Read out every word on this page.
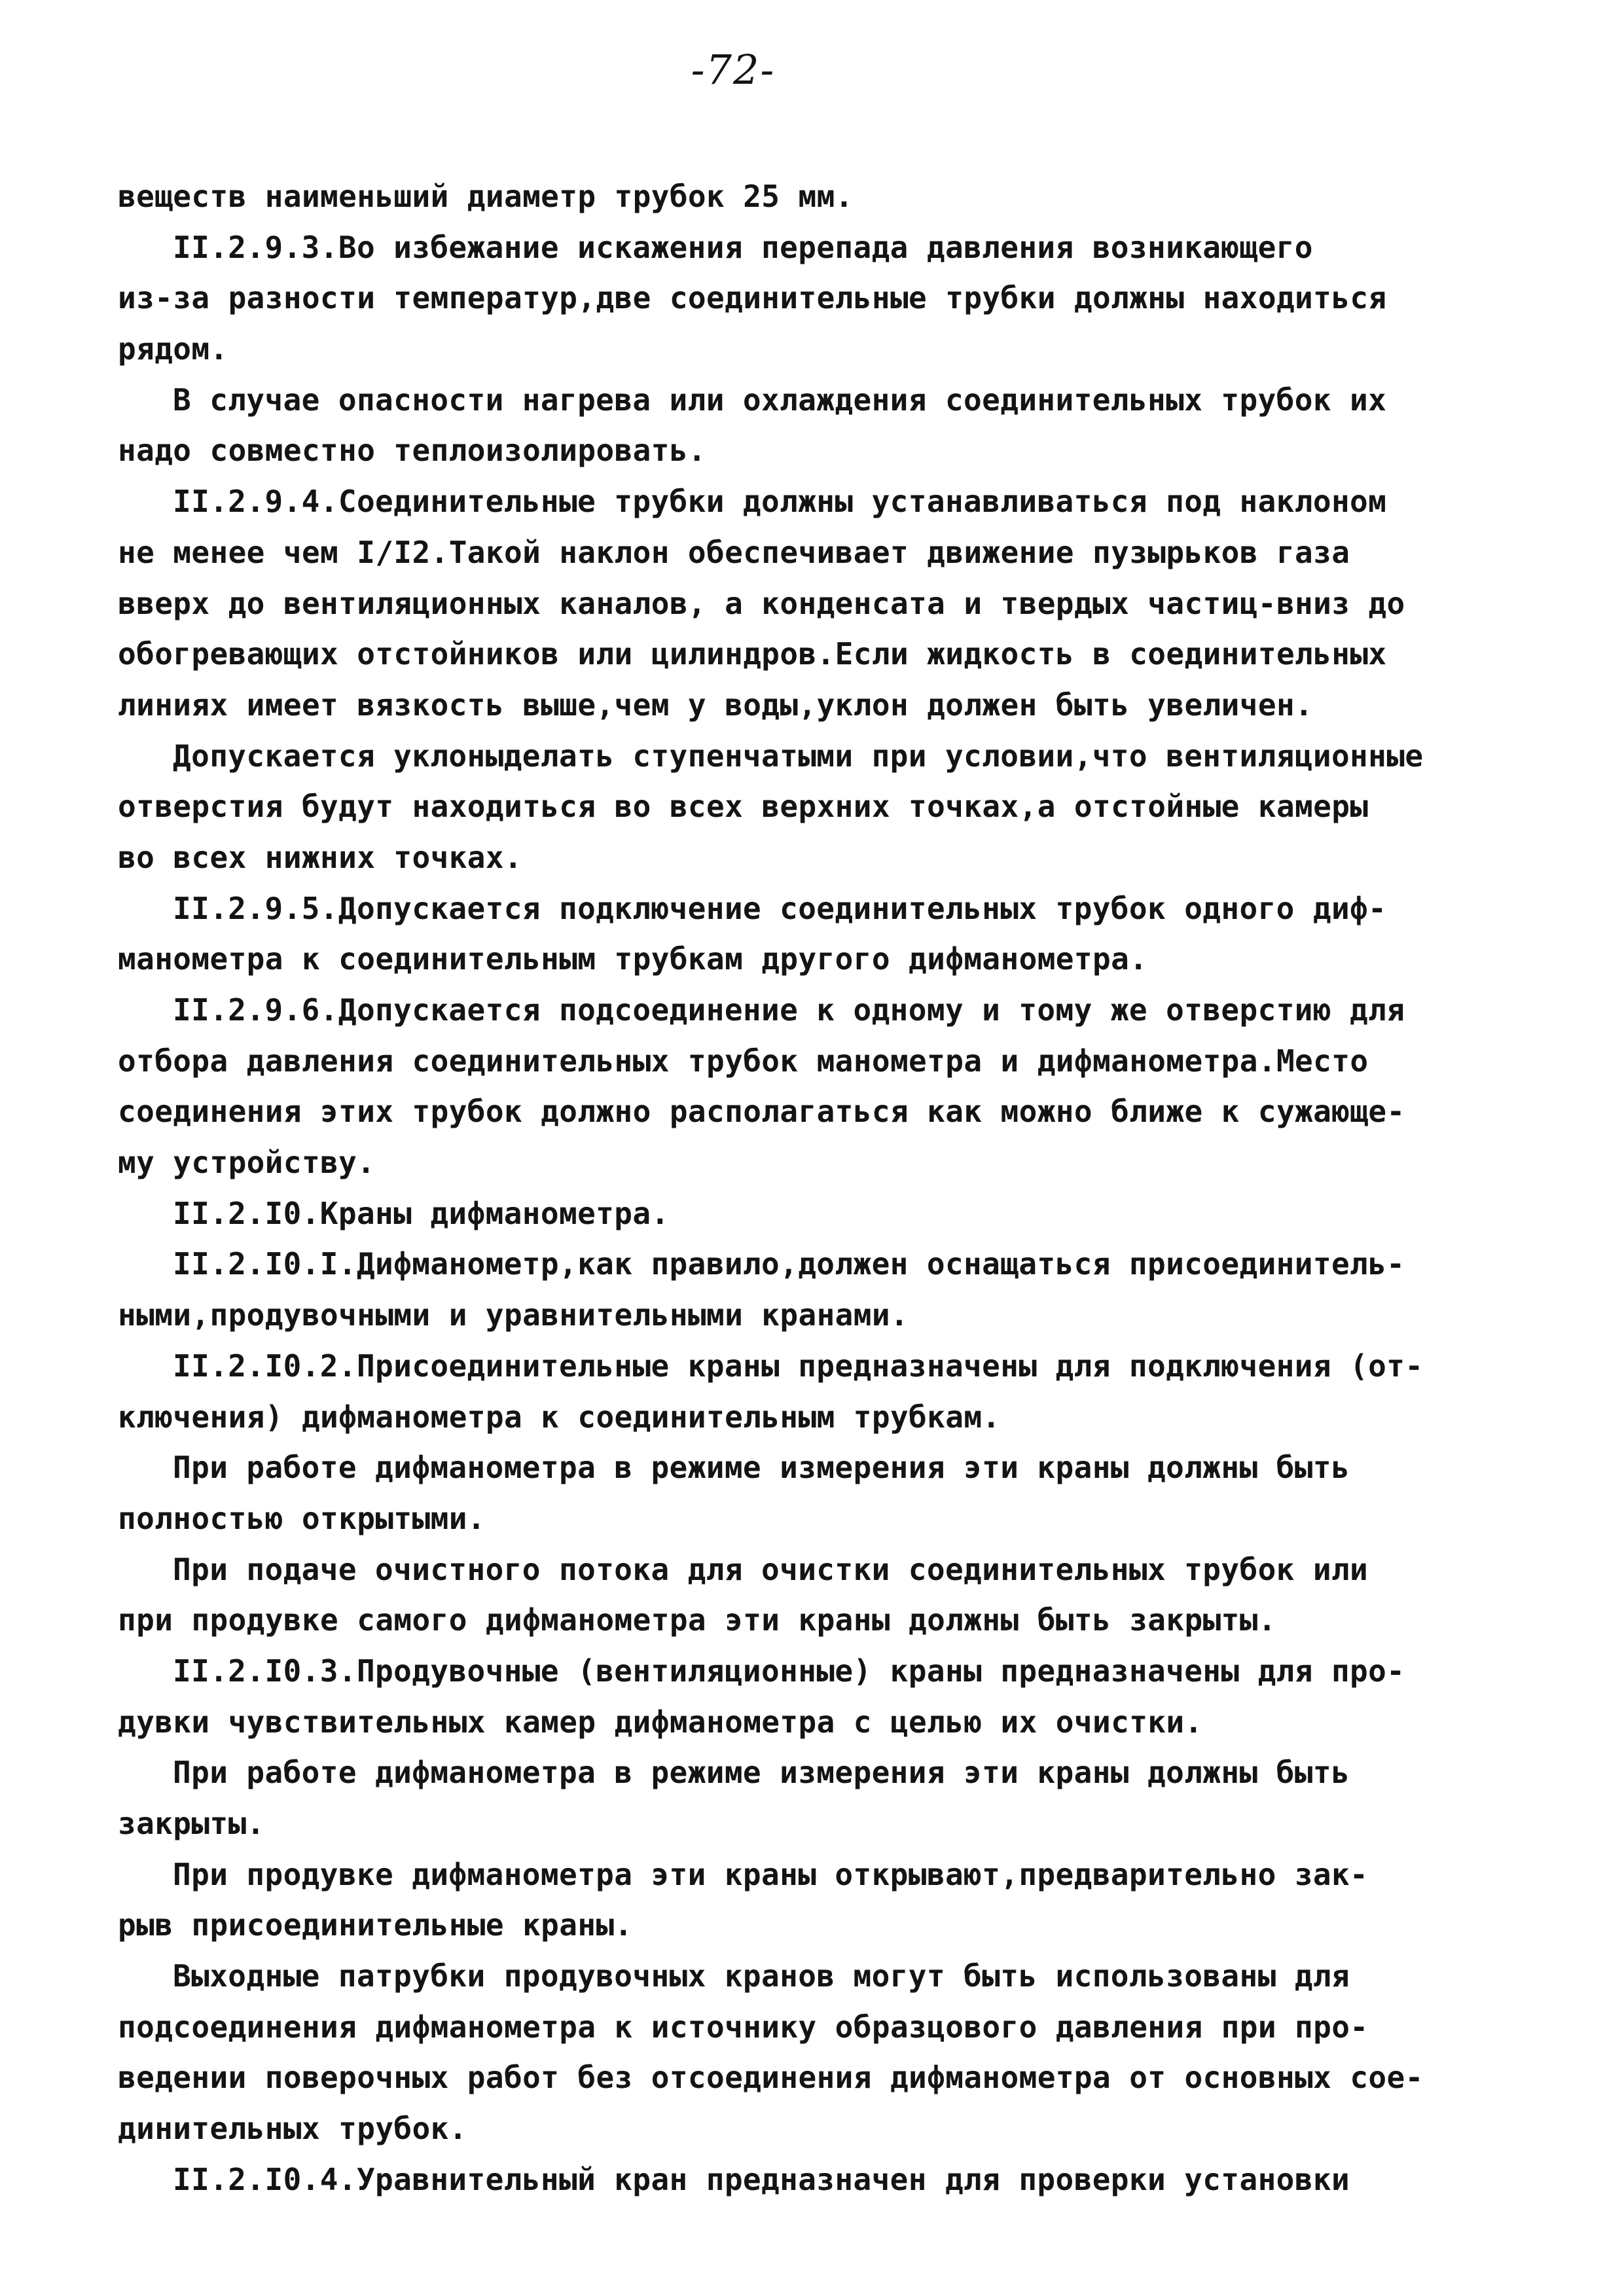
-72-
веществ наименьший диаметр трубок 25 мм.
II.2.9.3.Во избежание искажения перепада давления возникающего
из-за разности температур,две соединительные трубки должны находиться
рядом.
В случае опасности нагрева или охлаждения соединительных трубок их
надо совместно теплоизолировать.
II.2.9.4.Соединительные трубки должны устанавливаться под наклоном
не менее чем I/I2.Такой наклон обеспечивает движение пузырьков газа
вверх до вентиляционных каналов, а конденсата и твердых частиц-вниз до
обогревающих отстойников или цилиндров.Если жидкость в соединительных
линиях имеет вязкость выше,чем у воды,уклон должен быть увеличен.
Допускается уклоныделать ступенчатыми при условии,что вентиляционные
отверстия будут находиться во всех верхних точках,а отстойные камеры
во всех нижних точках.
II.2.9.5.Допускается подключение соединительных трубок одного диф-
манометра к соединительным трубкам другого дифманометра.
II.2.9.6.Допускается подсоединение к одному и тому же отверстию для
отбора давления соединительных трубок манометра и дифманометра.Место
соединения этих трубок должно располагаться как можно ближе к сужающе-
му устройству.
II.2.I0.Краны дифманометра.
II.2.I0.I.Дифманометр,как правило,должен оснащаться присоединитель-
ными,продувочными и уравнительными кранами.
II.2.I0.2.Присоединительные краны предназначены для подключения (от-
ключения) дифманометра к соединительным трубкам.
При работе дифманометра в режиме измерения эти краны должны быть
полностью открытыми.
При подаче очистного потока для очистки соединительных трубок или
при продувке самого дифманометра эти краны должны быть закрыты.
II.2.I0.3.Продувочные (вентиляционные) краны предназначены для про-
дувки чувствительных камер дифманометра с целью их очистки.
При работе дифманометра в режиме измерения эти краны должны быть
закрыты.
При продувке дифманометра эти краны открывают,предварительно зак-
рыв присоединительные краны.
Выходные патрубки продувочных кранов могут быть использованы для
подсоединения дифманометра к источнику образцового давления при про-
ведении поверочных работ без отсоединения дифманометра от основных сое-
динительных трубок.
II.2.I0.4.Уравнительный кран предназначен для проверки установки
